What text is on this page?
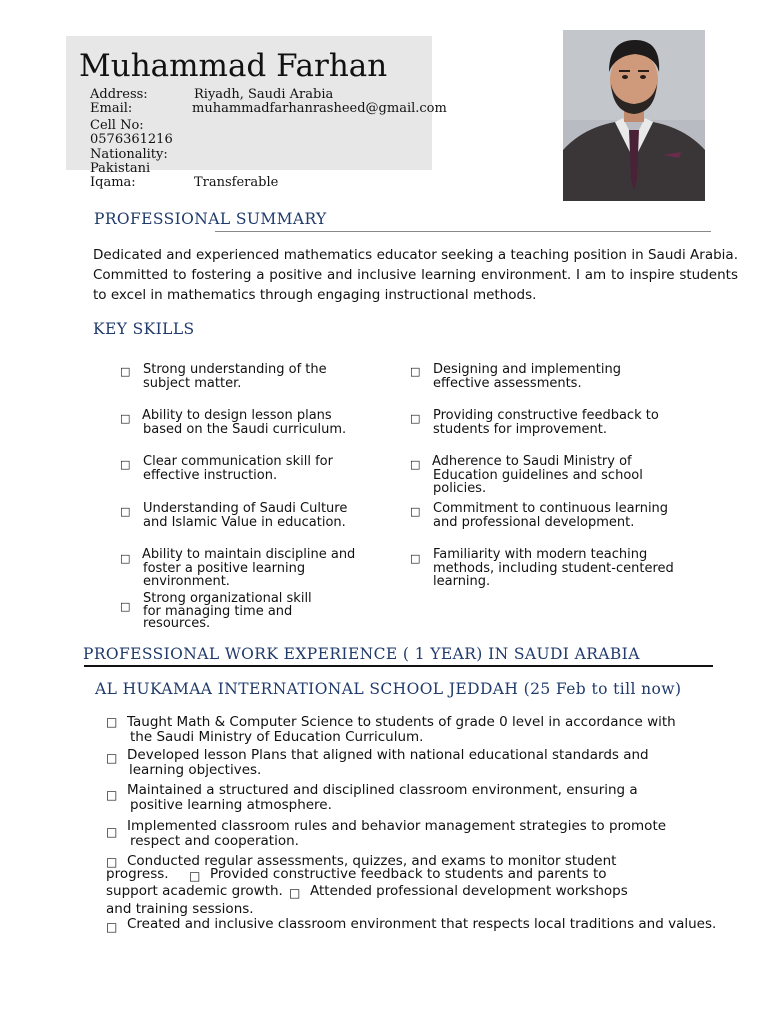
Muhammad Farhan
Address:	Riyadh, Saudi Arabia
Email:	muhammadfarhanrasheed@gmail.com
Cell No:
0576361216
Nationality:
Pakistani
Iqama:	Transferable
PROFESSIONAL SUMMARY
Dedicated and experienced mathematics educator seeking a teaching position in Saudi Arabia. Committed to fostering a positive and inclusive learning environment. I am to inspire students to excel in mathematics through engaging instructional methods.
KEY SKILLS
□ Strong understanding of the
subject matter.
□ Ability to design lesson plans
based on the Saudi curriculum.
□ Clear communication skill for
effective instruction.
□ Understanding of Saudi Culture
and Islamic Value in education.
□ Ability to maintain discipline and
foster a positive learning
environment.
□
Strong organizational skill
for managing time and
resources.
□ Designing and implementing
effective assessments.
□ Providing constructive feedback to
students for improvement.
□ Adherence to Saudi Ministry of
Education guidelines and school
policies.
□ Commitment to continuous learning
and professional development.
□ Familiarity with modern teaching
methods, including student-centered
learning.
PROFESSIONAL WORK EXPERIENCE ( 1 YEAR) IN SAUDI ARABIA
AL HUKAMAA INTERNATIONAL SCHOOL JEDDAH (25 Feb to till now)
□ Taught Math & Computer Science to students of grade 0 level in accordance with
the Saudi Ministry of Education Curriculum.
□ Developed lesson Plans that aligned with national educational standards and
learning objectives.
□ Maintained a structured and disciplined classroom environment, ensuring a
positive learning atmosphere.
□ Implemented classroom rules and behavior management strategies to promote
respect and cooperation.
□ Conducted regular assessments, quizzes, and exams to monitor student
progress. □ Provided constructive feedback to students and parents to
support academic growth. □ Attended professional development workshops
and training sessions.
□ Created and inclusive classroom environment that respects local traditions and values.
